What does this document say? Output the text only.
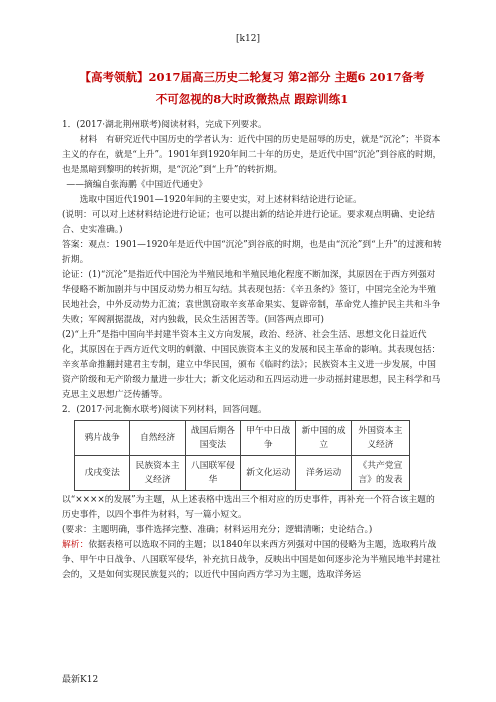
[k12]
【高考领航】2017届高三历史二轮复习 第2部分 主题6 2017备考
不可忽视的8大时政微热点 跟踪训练1

1．(2017·湖北荆州联考)阅读材料，完成下列要求。

材料　有研究近代中国历史的学者认为：近代中国的历史是屈辱的历史，就是“沉沦”；半资本主义的存在，就是“上升”。1901年到1920年间二十年的历史，是近代中国“沉沦”到谷底的时期，也是黑暗到黎明的转折期，是“沉沦”到“上升”的转折期。

——摘编自张海鹏《中国近代通史》

选取中国近代1901—1920年间的主要史实，对上述材料结论进行论证。

(说明：可以对上述材料结论进行论证；也可以提出新的结论并进行论证。要求观点明确、史论结合、史实准确。)

答案：观点：1901—1920年是近代中国“沉沦”到谷底的时期，也是由“沉沦”到“上升”的过渡和转折期。

论证：(1)“沉沦”是指近代中国沦为半殖民地和半殖民地化程度不断加深，其原因在于西方列强对华侵略不断加剧并与中国反动势力相互勾结。其表现包括：《辛丑条约》签订，中国完全沦为半殖民地社会，中外反动势力汇流；袁世凯窃取辛亥革命果实、复辟帝制，革命党人推护民主共和斗争失败；军阀割据混战，对内独裁，民众生活困苦等。(回答两点即可)

(2)“上升”是指中国向半封建半资本主义方向发展，政治、经济、社会生活、思想文化日益近代化，其原因在于西方近代文明的刺激、中国民族资本主义的发展和民主革命的影响。其表现包括：辛亥革命推翻封建君主专制，建立中华民国，颁布《临时约法》；民族资本主义进一步发展，中国资产阶级和无产阶级力量进一步壮大；新文化运动和五四运动进一步动摇封建思想，民主科学和马克思主义思想广泛传播等。

2．(2017·河北衡水联考)阅读下列材料，回答问题。

鸦片战争	自然经济	战国后期各国变法	甲午中日战争	新中国的成立	外国资本主义经济
戊戌变法	民族资本主义经济	八国联军侵华	新文化运动	洋务运动	《共产党宣言》的发表

以“××××的发展”为主题，从上述表格中选出三个相对应的历史事件，再补充一个符合该主题的历史事件，以四个事件为材料，写一篇小短文。

(要求：主题明确，事件选择完整、准确；材料运用充分；逻辑清晰；史论结合。)

解析：依据表格可以选取不同的主题；以1840年以来西方列强对中国的侵略为主题，选取鸦片战争、甲午中日战争、八国联军侵华，补充抗日战争，反映出中国是如何逐步沦为半殖民地半封建社会的，又是如何实现民族复兴的；以近代中国向西方学习为主题，选取洋务运

最新K12
